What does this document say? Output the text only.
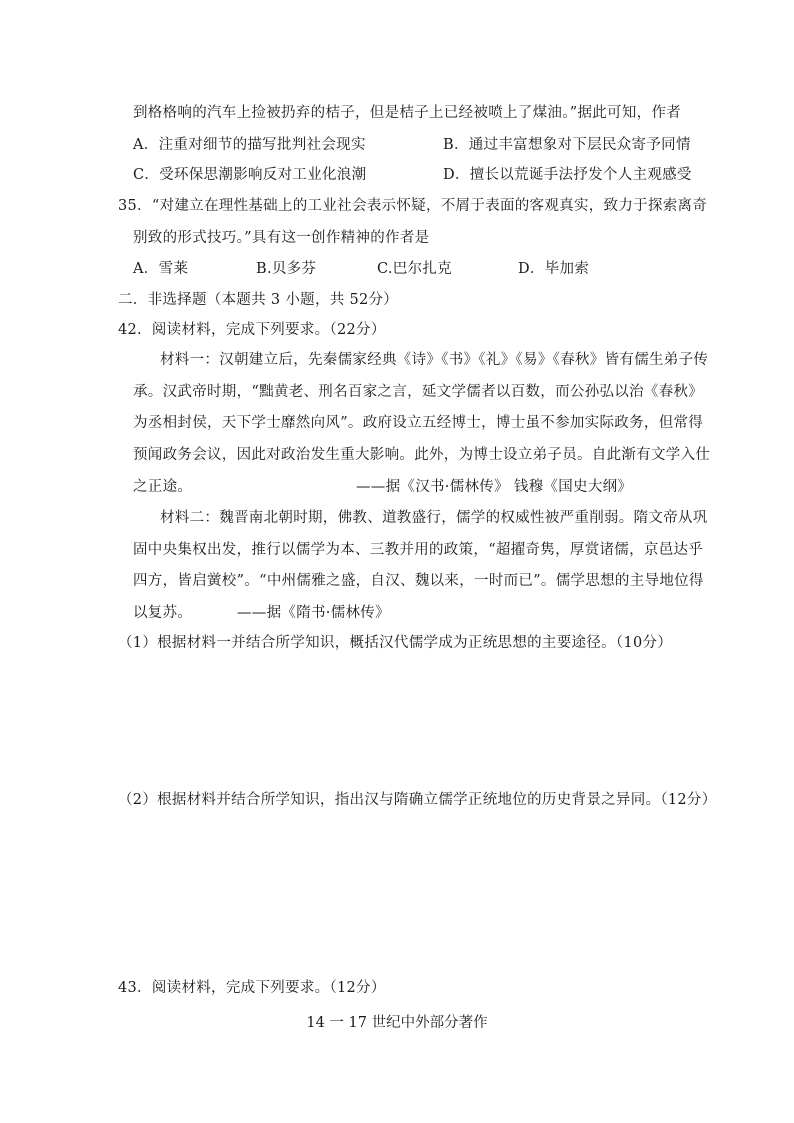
到格格响的汽车上捡被扔弃的桔子，但是桔子上已经被喷上了煤油。”据此可知，作者
A．注重对细节的描写批判社会现实	B．通过丰富想象对下层民众寄予同情
C．受环保思潮影响反对工业化浪潮	D．擅长以荒诞手法抒发个人主观感受
35．“对建立在理性基础上的工业社会表示怀疑，不屑于表面的客观真实，致力于探索离奇
别致的形式技巧。”具有这一创作精神的作者是
A．雪莱	B.贝多芬	C.巴尔扎克	D．毕加索
二．非选择题（本题共 3 小题，共 52分）
42．阅读材料，完成下列要求。（22分）
材料一：汉朝建立后，先秦儒家经典《诗》《书》《礼》《易》《春秋》皆有儒生弟子传
承。汉武帝时期，“黜黄老、刑名百家之言，延文学儒者以百数，而公孙弘以治《春秋》
为丞相封侯，天下学士靡然向风”。政府设立五经博士，博士虽不参加实际政务，但常得
预闻政务会议，因此对政治发生重大影响。此外，为博士设立弟子员。自此渐有文学入仕
之正途。	——据《汉书·儒林传》 钱穆《国史大纲》
材料二：魏晋南北朝时期，佛教、道教盛行，儒学的权威性被严重削弱。隋文帝从巩
固中央集权出发，推行以儒学为本、三教并用的政策，“超擢奇隽，厚赏诸儒，京邑达乎
四方，皆启黉校”。“中州儒雅之盛，自汉、魏以来，一时而已”。儒学思想的主导地位得
以复苏。	——据《隋书·儒林传》
（1）根据材料一并结合所学知识，概括汉代儒学成为正统思想的主要途径。（10分）
（2）根据材料并结合所学知识，指出汉与隋确立儒学正统地位的历史背景之异同。（12分）
43．阅读材料，完成下列要求。（12分）
14 一 17 世纪中外部分著作
